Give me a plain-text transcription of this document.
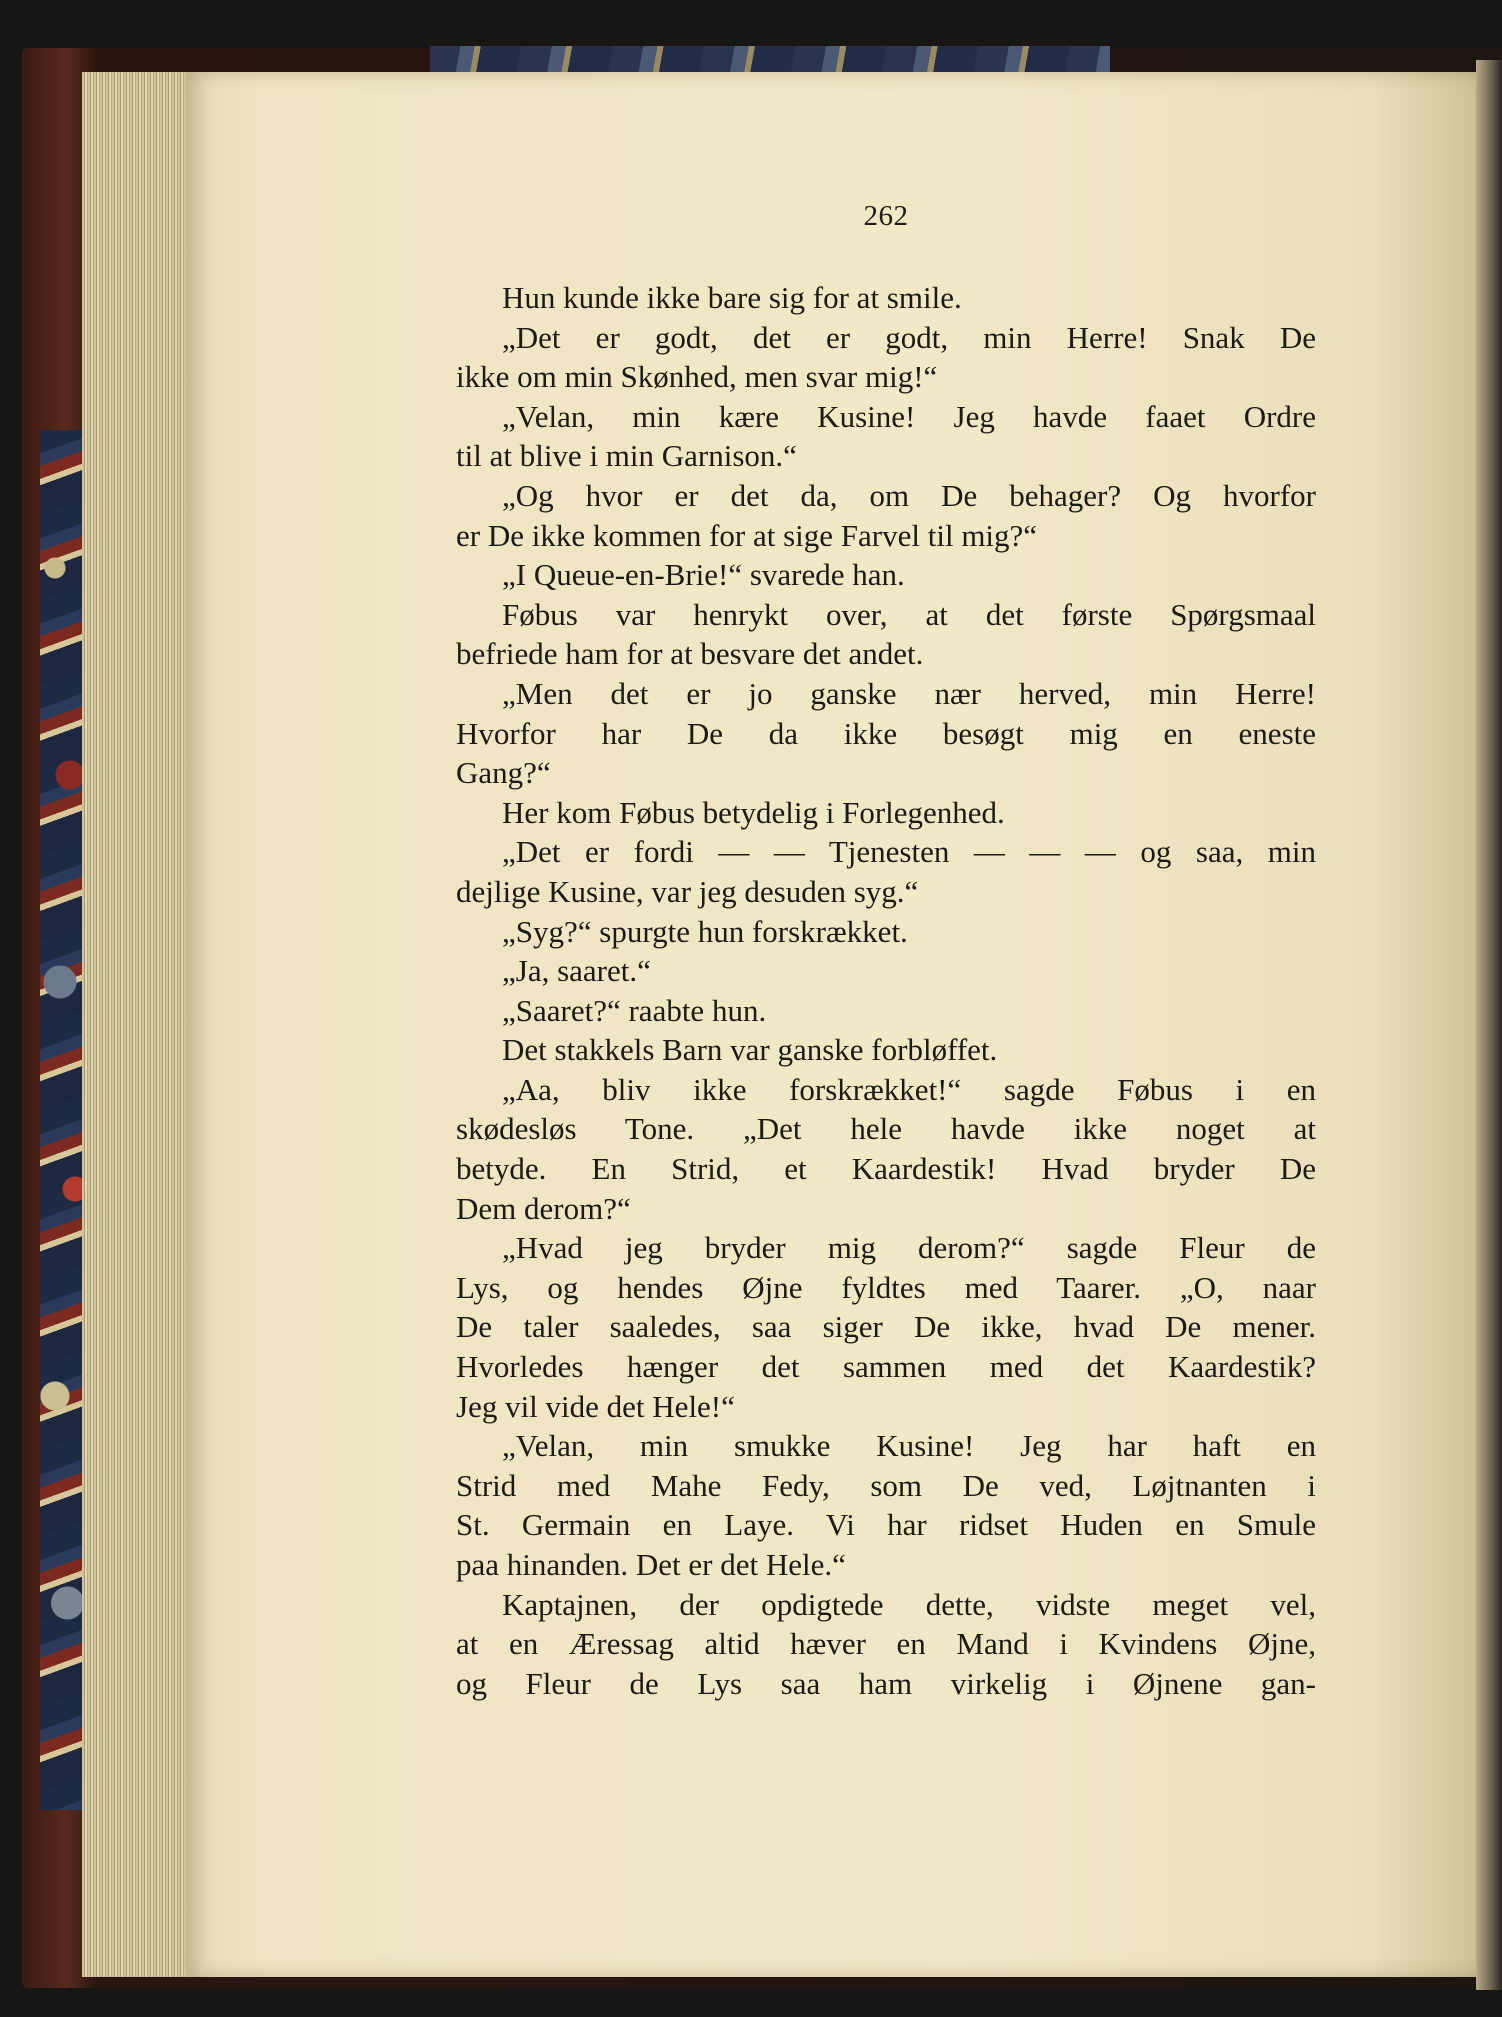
262
Hun kunde ikke bare sig for at smile.
„Det er godt, det er godt, min Herre! Snak De
ikke om min Skønhed, men svar mig!“
„Velan, min kære Kusine! Jeg havde faaet Ordre
til at blive i min Garnison.“
„Og hvor er det da, om De behager? Og hvorfor
er De ikke kommen for at sige Farvel til mig?“
„I Queue-en-Brie!“ svarede han.
Føbus var henrykt over, at det første Spørgsmaal
befriede ham for at besvare det andet.
„Men det er jo ganske nær herved, min Herre!
Hvorfor har De da ikke besøgt mig en eneste
Gang?“
Her kom Føbus betydelig i Forlegenhed.
„Det er fordi — — Tjenesten — — — og saa, min
dejlige Kusine, var jeg desuden syg.“
„Syg?“ spurgte hun forskrækket.
„Ja, saaret.“
„Saaret?“ raabte hun.
Det stakkels Barn var ganske forbløffet.
„Aa, bliv ikke forskrækket!“ sagde Føbus i en
skødesløs Tone. „Det hele havde ikke noget at
betyde. En Strid, et Kaardestik! Hvad bryder De
Dem derom?“
„Hvad jeg bryder mig derom?“ sagde Fleur de
Lys, og hendes Øjne fyldtes med Taarer. „O, naar
De taler saaledes, saa siger De ikke, hvad De mener.
Hvorledes hænger det sammen med det Kaardestik?
Jeg vil vide det Hele!“
„Velan, min smukke Kusine! Jeg har haft en
Strid med Mahe Fedy, som De ved, Løjtnanten i
St. Germain en Laye. Vi har ridset Huden en Smule
paa hinanden. Det er det Hele.“
Kaptajnen, der opdigtede dette, vidste meget vel,
at en Æressag altid hæver en Mand i Kvindens Øjne,
og Fleur de Lys saa ham virkelig i Øjnene gan-
